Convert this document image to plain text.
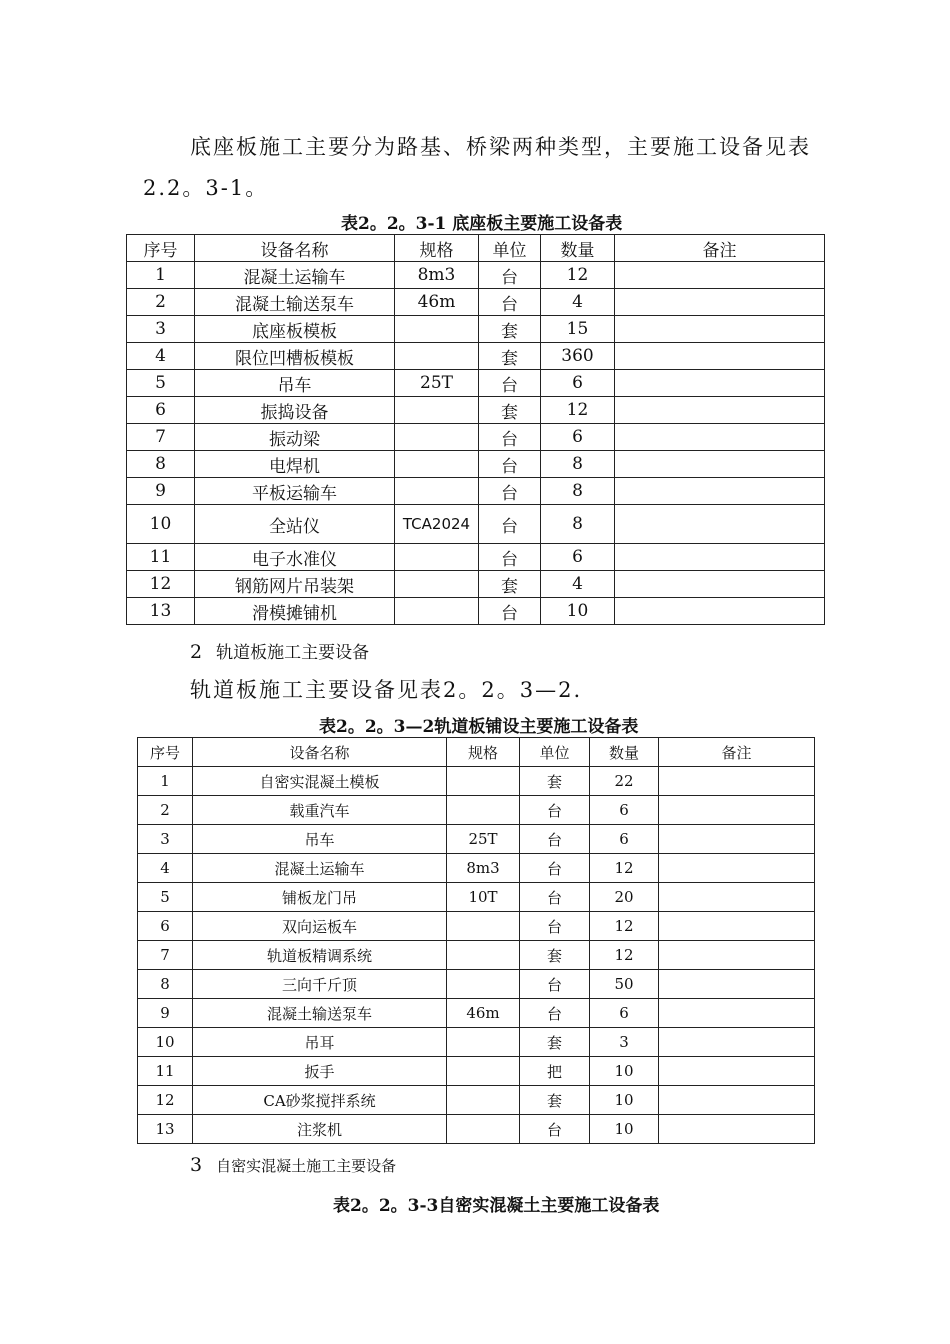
底座板施工主要分为路基、桥梁两种类型，主要施工设备见表
2.2。3-1。
表2。2。3-1 底座板主要施工设备表
序号	设备名称	规格	单位	数量	备注
1	混凝土运输车	8m3	台	12	
2	混凝土输送泵车	46m	台	4	
3	底座板模板		套	15	
4	限位凹槽板模板		套	360	
5	吊车	25T	台	6	
6	振捣设备		套	12	
7	振动梁		台	6	
8	电焊机		台	8	
9	平板运输车		台	8	
10	全站仪	TCA2024	台	8	
11	电子水准仪		台	6	
12	钢筋网片吊装架		套	4	
13	滑模摊铺机		台	10	
2 轨道板施工主要设备
轨道板施工主要设备见表2。2。3—2.
表2。2。3—2轨道板铺设主要施工设备表
序号	设备名称	规格	单位	数量	备注
1	自密实混凝土模板		套	22	
2	载重汽车		台	6	
3	吊车	25T	台	6	
4	混凝土运输车	8m3	台	12	
5	铺板龙门吊	10T	台	20	
6	双向运板车		台	12	
7	轨道板精调系统		套	12	
8	三向千斤顶		台	50	
9	混凝土输送泵车	46m	台	6	
10	吊耳		套	3	
11	扳手		把	10	
12	CA砂浆搅拌系统		套	10	
13	注浆机		台	10	
3 自密实混凝土施工主要设备
表2。2。3-3自密实混凝土主要施工设备表
